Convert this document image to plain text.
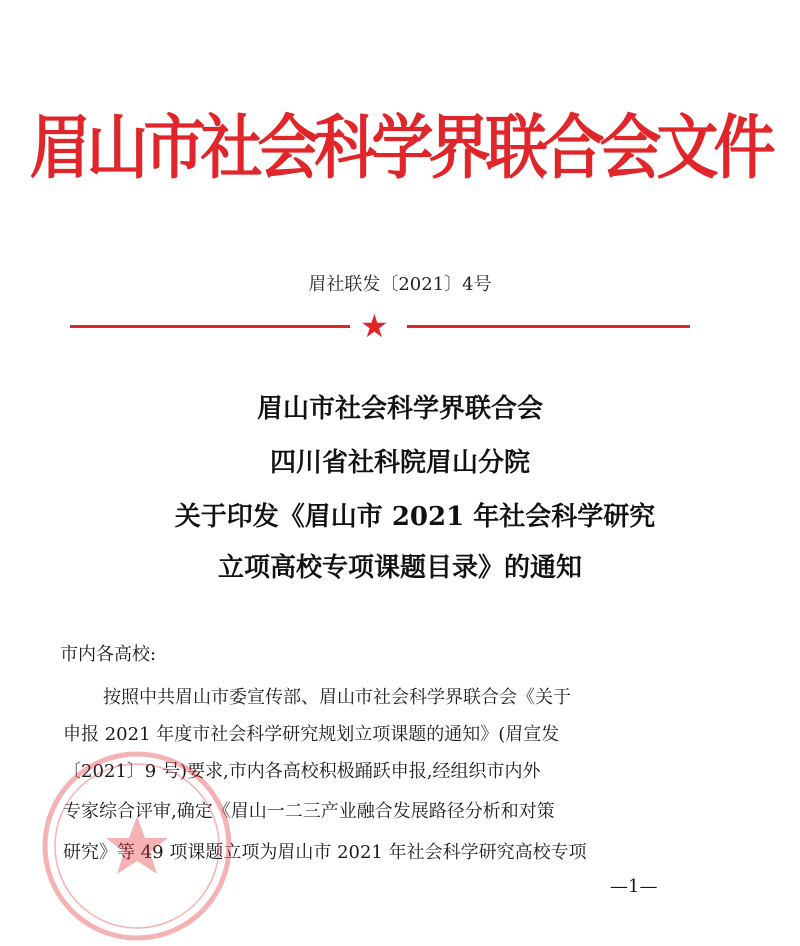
眉山市社会科学界联合会文件
眉社联发〔2021〕4号
★
眉山市社会科学界联合会
四川省社科院眉山分院
关于印发《眉山市 2021 年社会科学研究
立项高校专项课题目录》的通知
市内各高校:
按照中共眉山市委宣传部、眉山市社会科学界联合会《关于
申报 2021 年度市社会科学研究规划立项课题的通知》(眉宣发
〔2021〕9 号)要求,市内各高校积极踊跃申报,经组织市内外
专家综合评审,确定《眉山一二三产业融合发展路径分析和对策
研究》等 49 项课题立项为眉山市 2021 年社会科学研究高校专项
—1—
